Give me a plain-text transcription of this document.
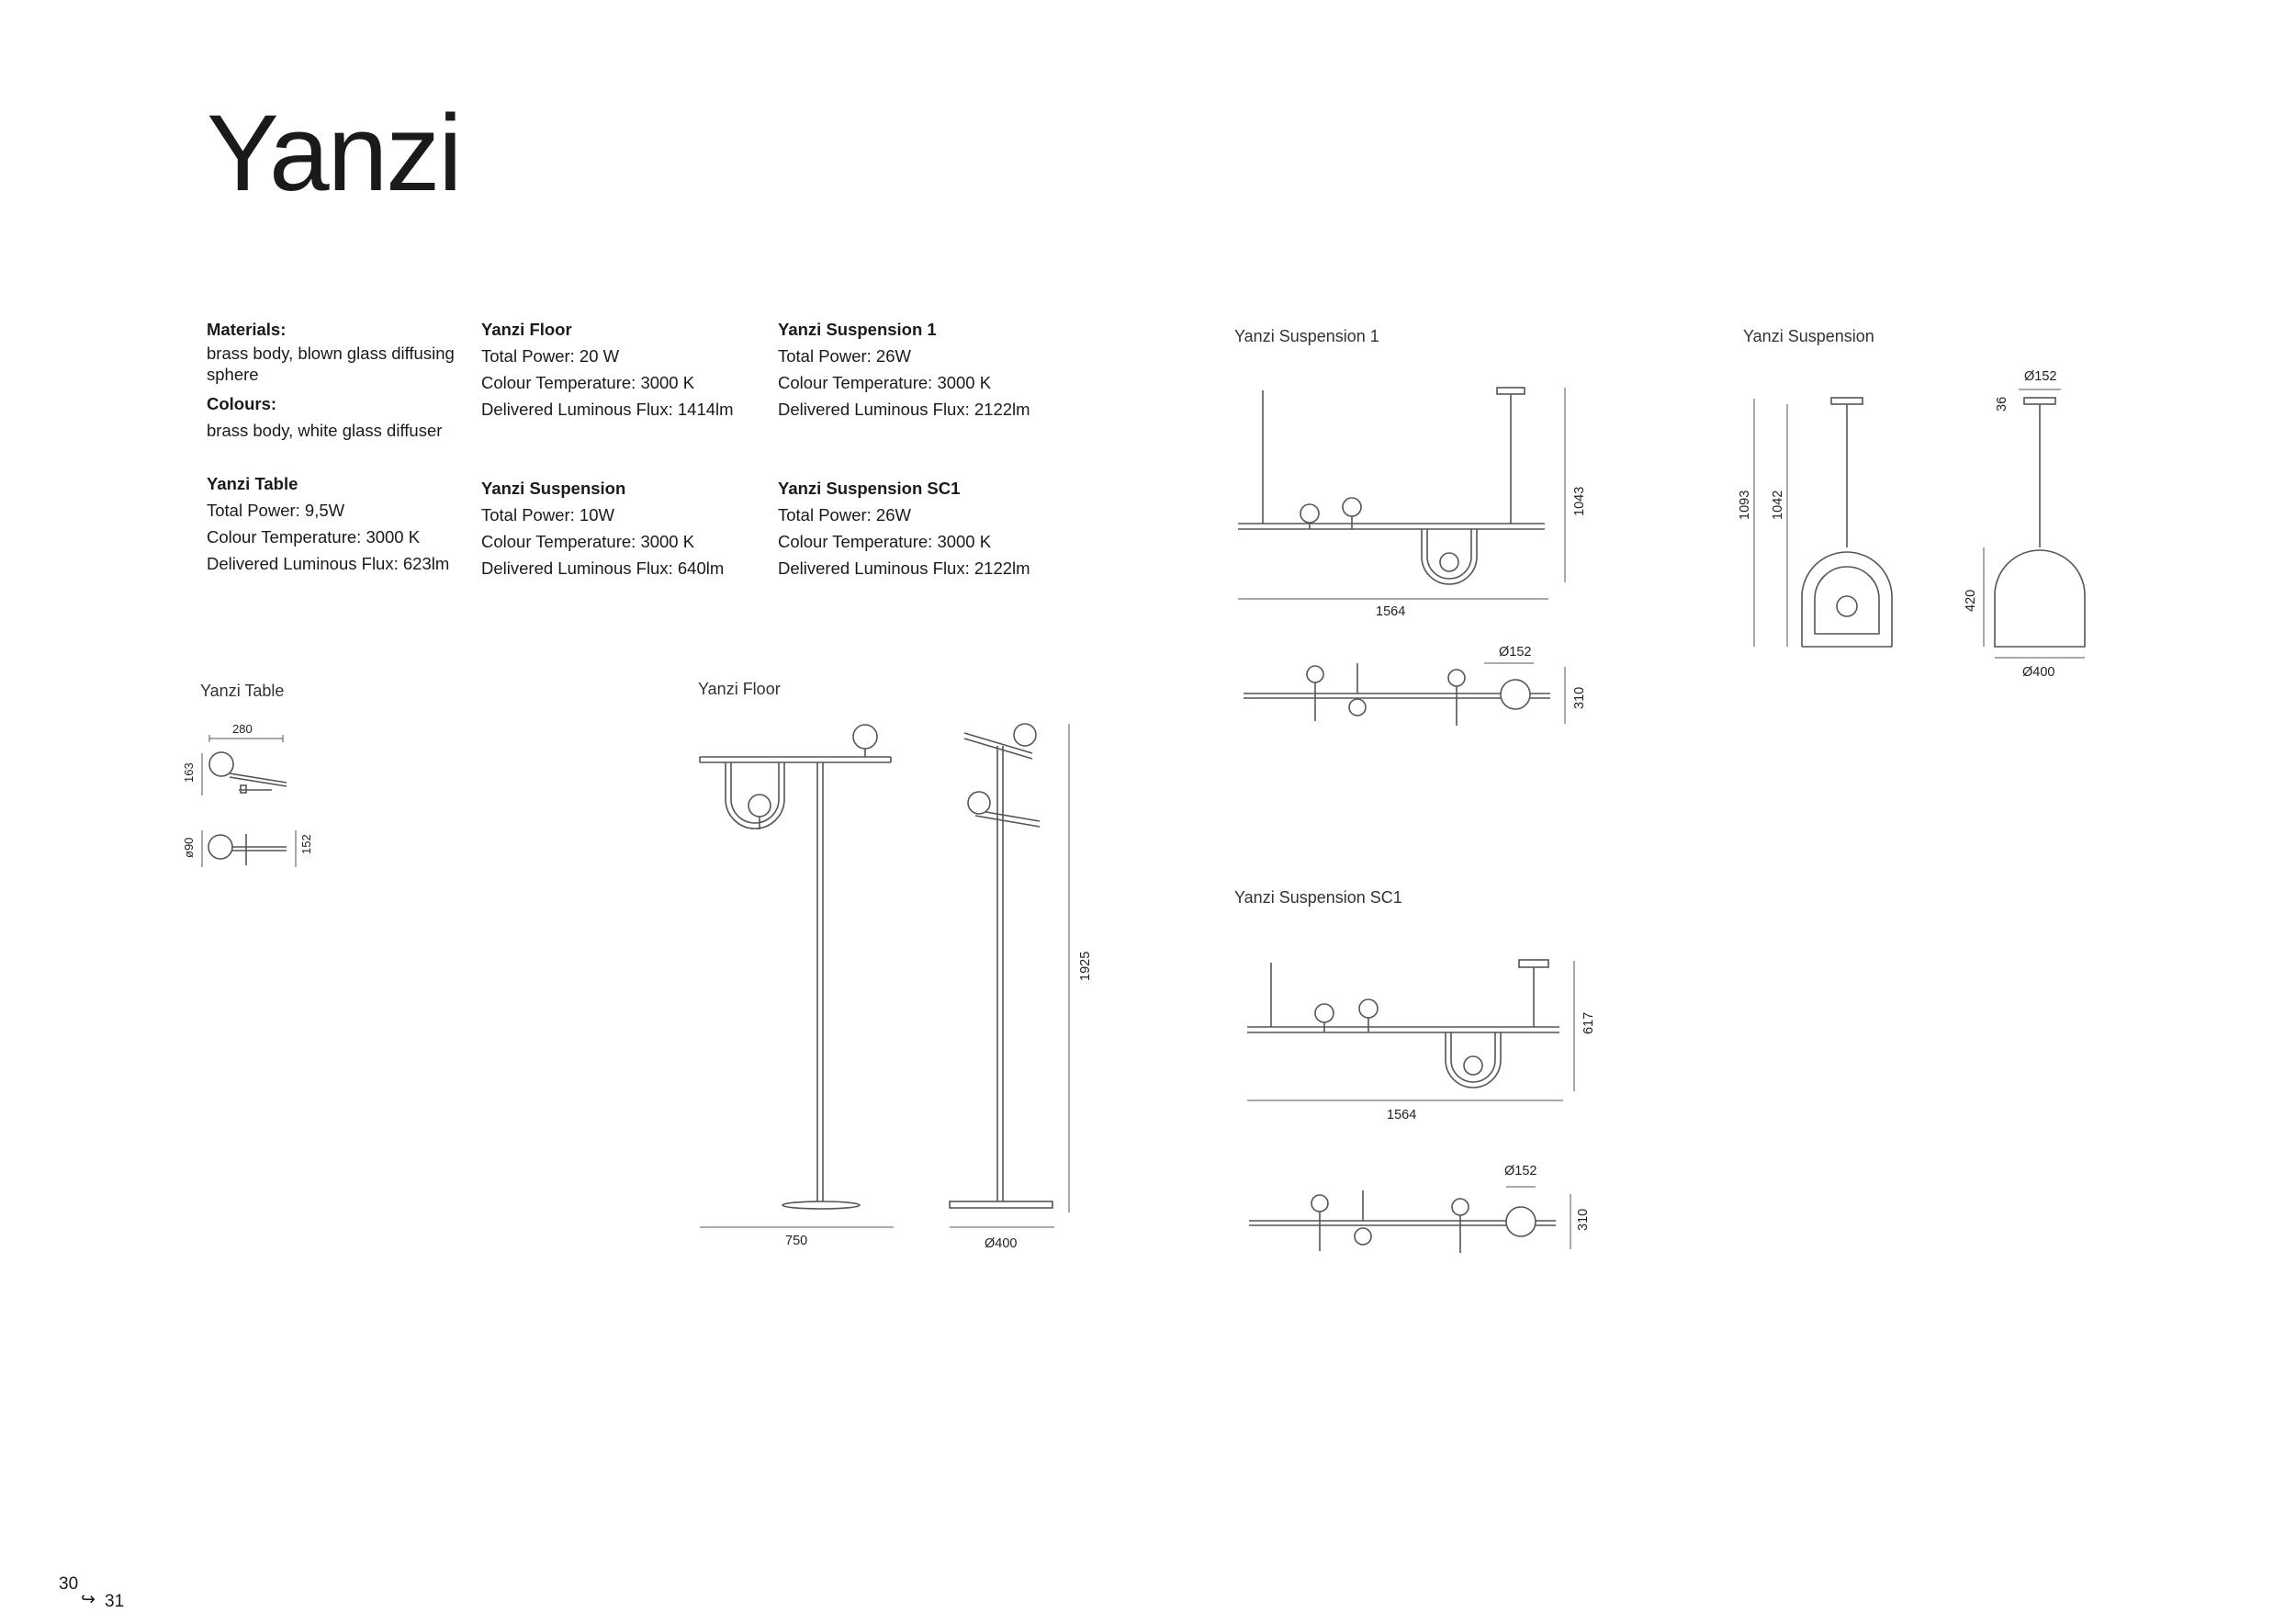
Yanzi
Materials:
brass body, blown glass diffusing sphere
Colours:
brass body, white glass diffuser
Yanzi Table
Total Power: 9,5W
Colour Temperature: 3000 K
Delivered Luminous Flux: 623lm
Yanzi Floor
Total Power: 20 W
Colour Temperature: 3000 K
Delivered Luminous Flux: 1414lm
Yanzi Suspension
Total Power: 10W
Colour Temperature: 3000 K
Delivered Luminous Flux: 640lm
Yanzi Suspension 1
Total Power: 26W
Colour Temperature: 3000 K
Delivered Luminous Flux: 2122lm
Yanzi Suspension SC1
Total Power: 26W
Colour Temperature: 3000 K
Delivered Luminous Flux: 2122lm
Yanzi Table	Yanzi Floor
Yanzi Suspension 1	Yanzi Suspension
Yanzi Suspension SC1
280
163
ø90	152
1925
750	Ø400
1043
1564
Ø152
310
1093 1042
Ø152
36
420
Ø400
617
1564
Ø152
310
30
↪ 31
